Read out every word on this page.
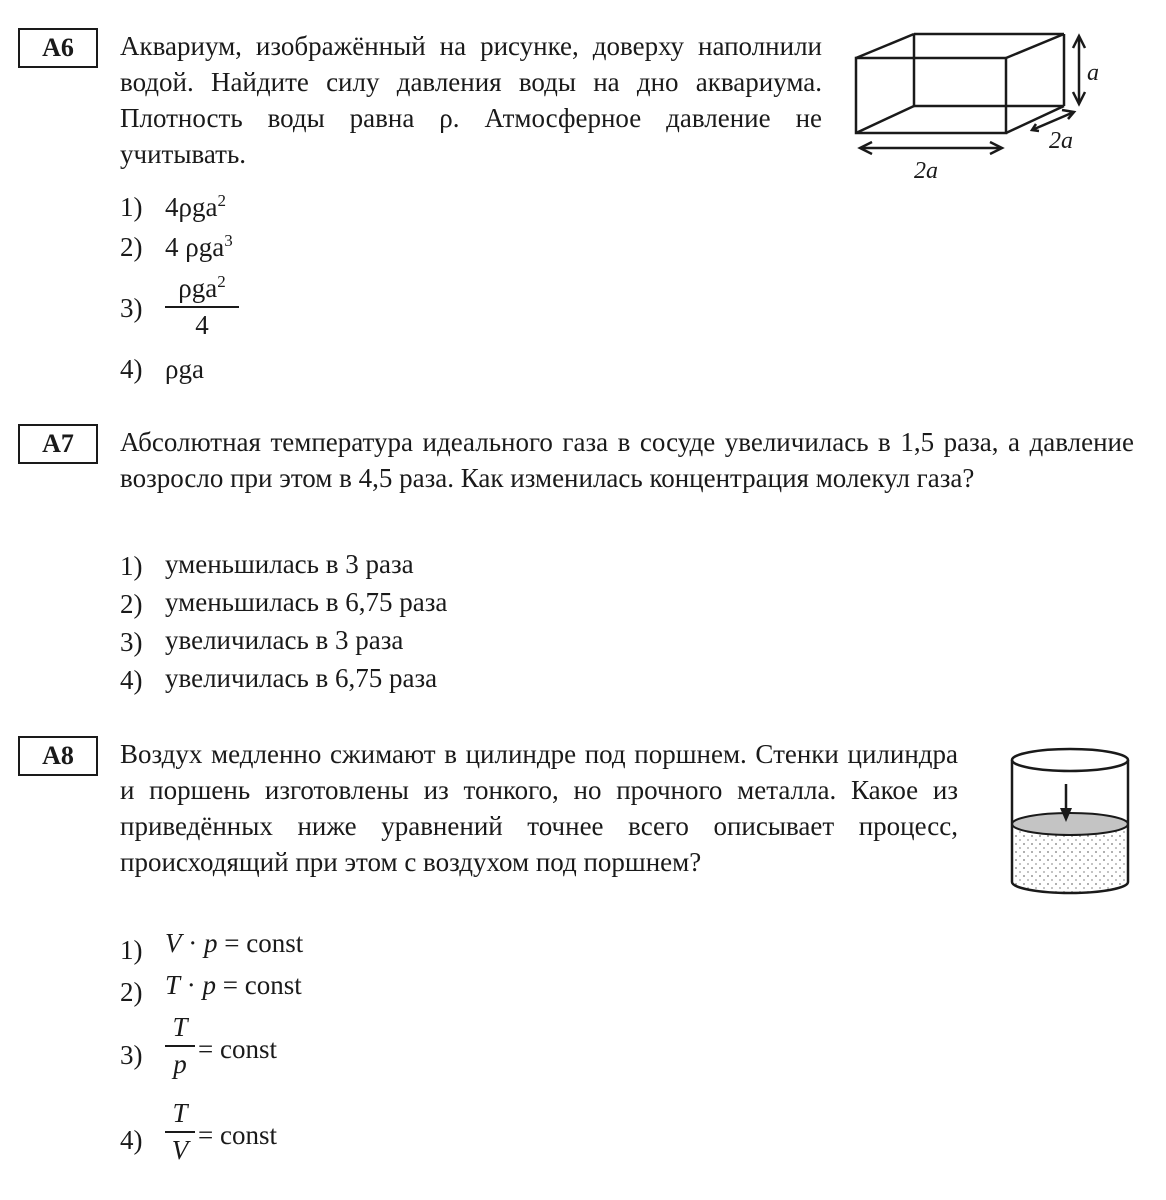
A6	Аквариум, изображённый на рисунке, доверху наполнили водой. Найдите силу давления воды на дно аквариума. Плотность воды равна ρ. Атмосферное давление не учитывать.
1) 4ρga$^2$
2) 4 ρga$^3$
3)
ρga$^2$
4
4) ρga
a
2a
2a
A7	Абсолютная температура идеального газа в сосуде увеличилась в 1,5 раза, а давление возросло при этом в 4,5 раза. Как изменилась концентрация молекул газа?
1) уменьшилась в 3 раза
2) уменьшилась в 6,75 раза
3) увеличилась в 3 раза
4) увеличилась в 6,75 раза
A8	Воздух медленно сжимают в цилиндре под поршнем. Стенки цилиндра и поршень изготовлены из тонкого, но прочного металла. Какое из приведённых ниже уравнений точнее всего описывает процесс, происходящий при этом с воздухом под поршнем?
1) V · p = const
2) T · p = const
3)
T
p = const
4)
T
V = const
